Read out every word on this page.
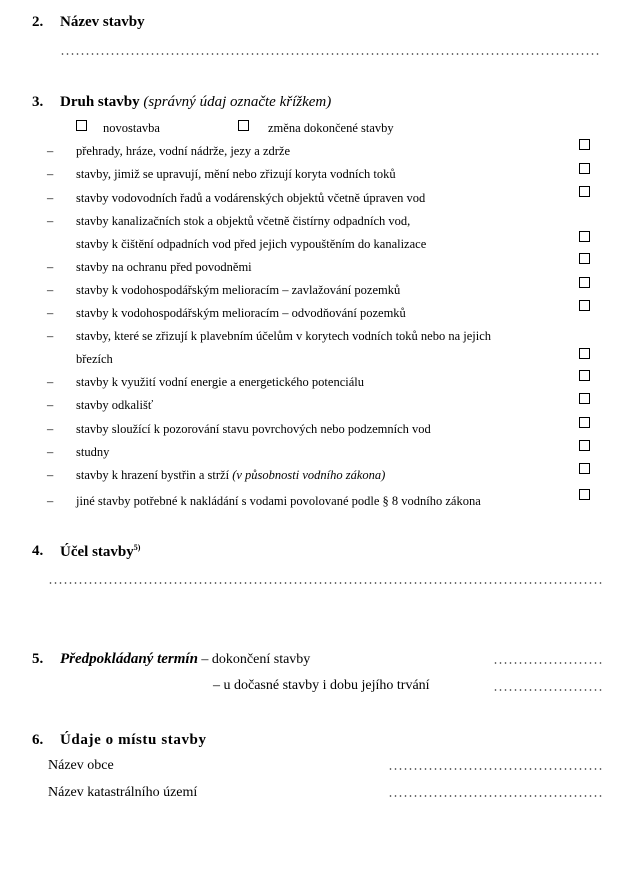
2. Název stavby
3. Druh stavby (správný údaj označte křížkem)
novostavba	změna dokončené stavby
– přehrady, hráze, vodní nádrže, jezy a zdrže
– stavby, jimiž se upravují, mění nebo zřizují koryta vodních toků
– stavby vodovodních řadů a vodárenských objektů včetně úpraven vod
– stavby kanalizačních stok a objektů včetně čistírny odpadních vod,
stavby k čištění odpadních vod před jejich vypouštěním do kanalizace
– stavby na ochranu před povodněmi
– stavby k vodohospodářským melioracím – zavlažování pozemků
– stavby k vodohospodářským melioracím – odvodňování pozemků
– stavby, které se zřizují k plavebním účelům v korytech vodních toků nebo na jejich
březích
– stavby k využití vodní energie a energetického potenciálu
– stavby odkališť
– stavby sloužící k pozorování stavu povrchových nebo podzemních vod
– studny
– stavby k hrazení bystřin a strží (v působnosti vodního zákona)
– jiné stavby potřebné k nakládání s vodami povolované podle § 8 vodního zákona
4. Účel stavby$^{5)}$
5. Předpokládaný termín – dokončení stavby
– u dočasné stavby i dobu jejího trvání
6. Údaje o místu stavby
Název obce
Název katastrálního území
